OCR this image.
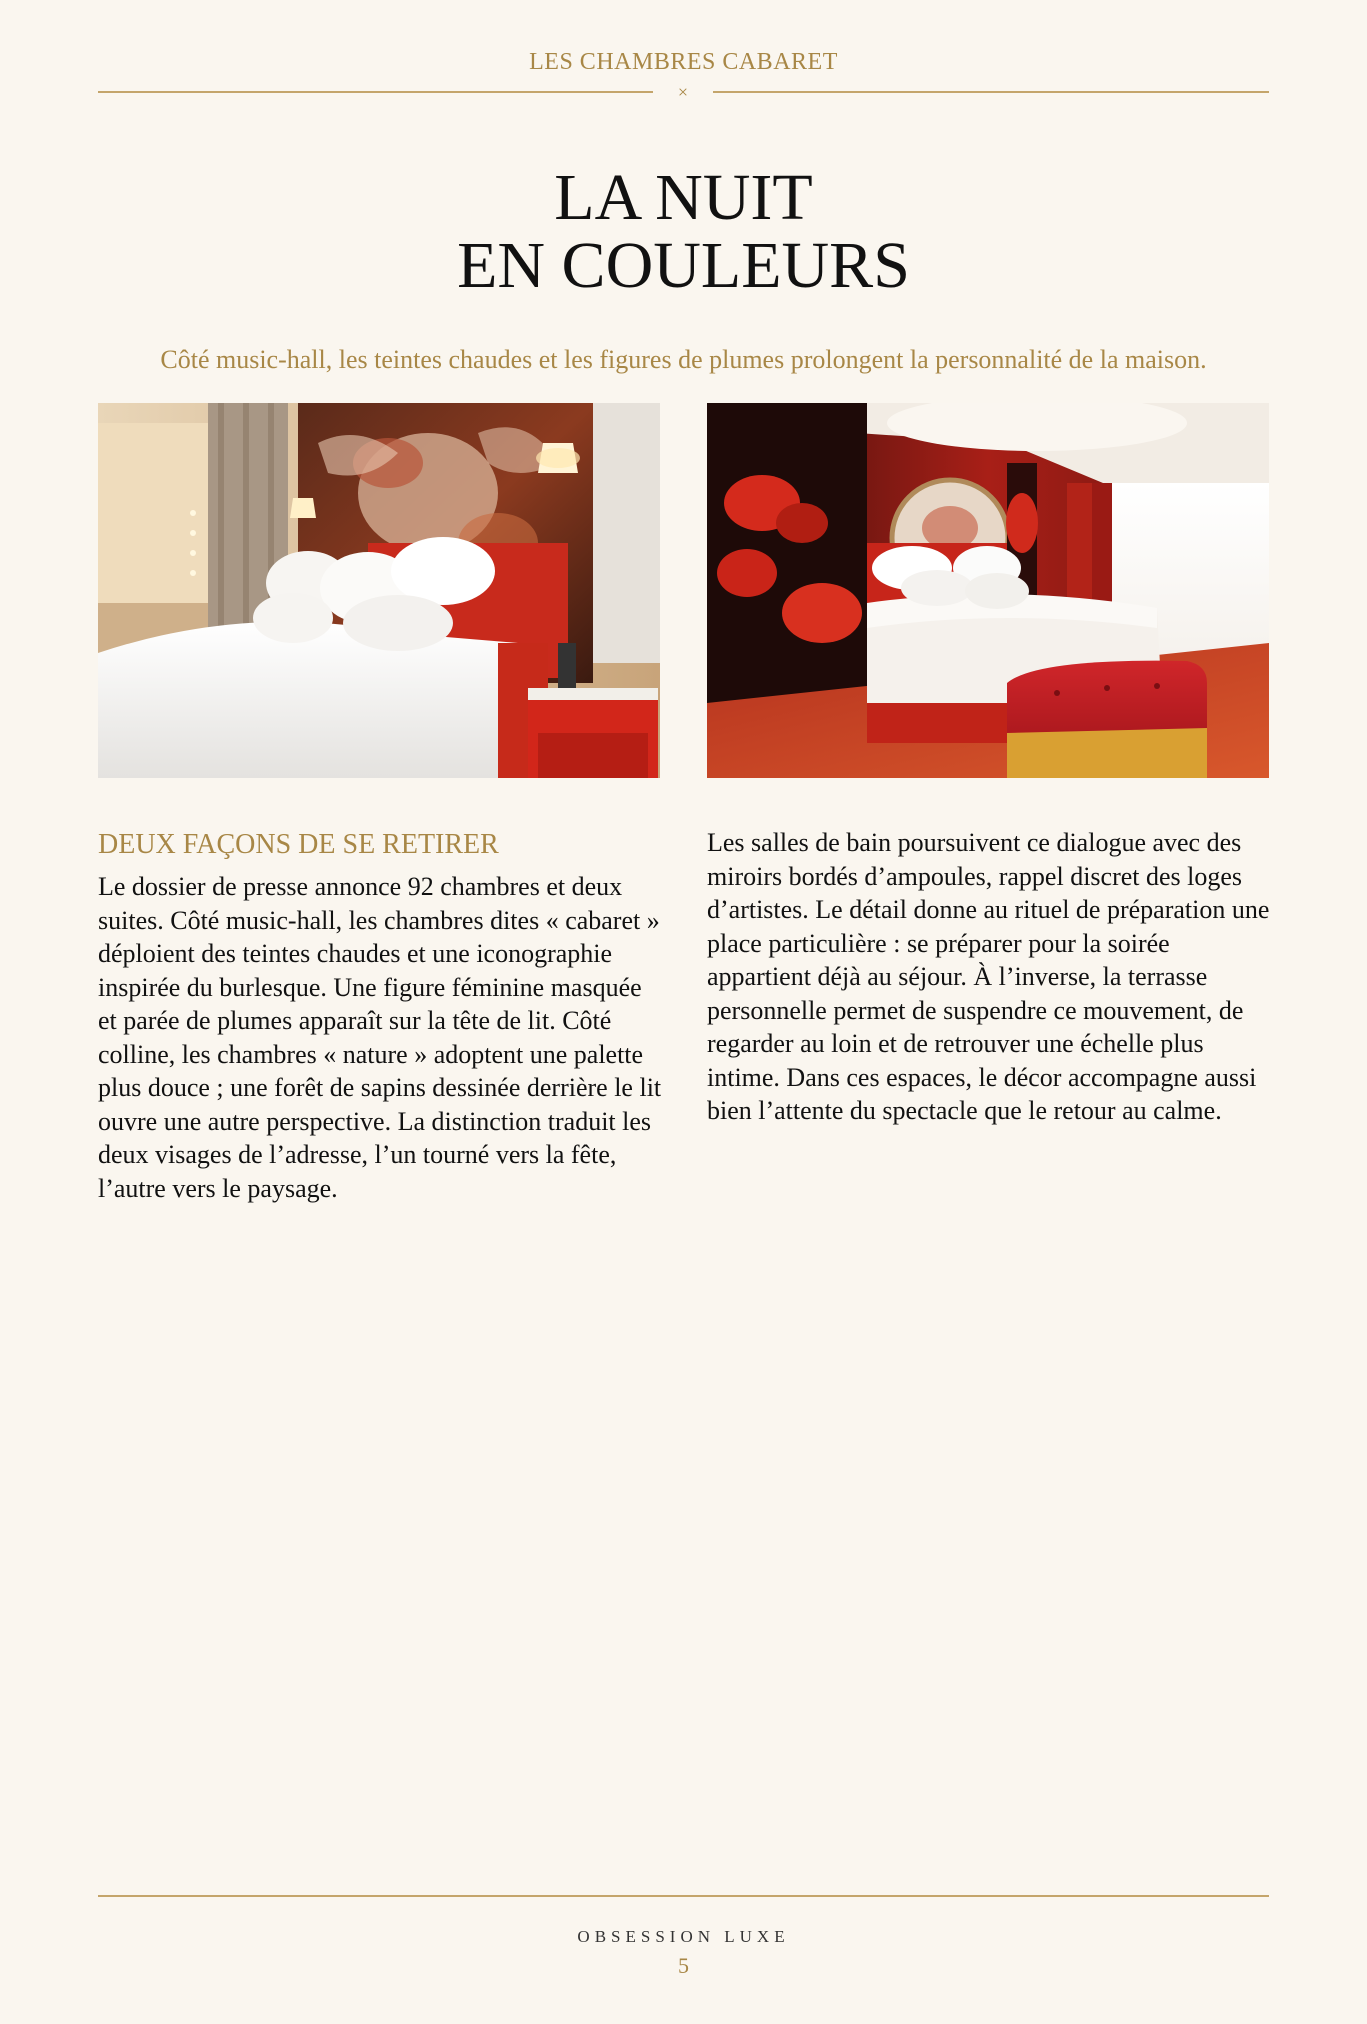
LES CHAMBRES CABARET
×
LA NUIT
EN COULEURS
Côté music-hall, les teintes chaudes et les figures de plumes prolongent la personnalité de la maison.
DEUX FAÇONS DE SE RETIRER

Le dossier de presse annonce 92 chambres et deux suites. Côté music-hall, les chambres dites « cabaret » déploient des teintes chaudes et une iconographie inspirée du burlesque. Une figure féminine masquée et parée de plumes apparaît sur la tête de lit. Côté colline, les chambres « nature » adoptent une palette plus douce ; une forêt de sapins dessinée derrière le lit ouvre une autre perspective. La distinction traduit les deux visages de l’adresse, l’un tourné vers la fête, l’autre vers le paysage.

Les salles de bain poursuivent ce dialogue avec des miroirs bordés d’ampoules, rappel discret des loges d’artistes. Le détail donne au rituel de préparation une place particulière : se préparer pour la soirée appartient déjà au séjour. À l’inverse, la terrasse personnelle permet de suspendre ce mouvement, de regarder au loin et de retrouver une échelle plus intime. Dans ces espaces, le décor accompagne aussi bien l’attente du spectacle que le retour au calme.

OBSESSION LUXE
5
